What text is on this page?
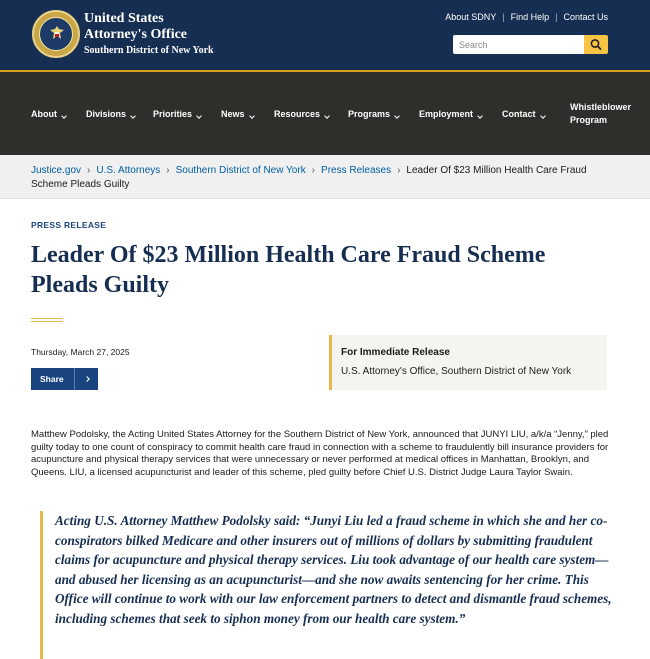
United States
Attorney's Office
Southern District of New York
About SDNY | Find Help | Contact Us
Search
About	Divisions	Priorities	News	Resources	Programs	Employment	Contact
Whistleblower
Program
Justice.gov › U.S. Attorneys › Southern District of New York › Press Releases › Leader Of $23 Million Health Care Fraud Scheme Pleads Guilty
PRESS RELEASE
Leader Of $23 Million Health Care Fraud Scheme Pleads Guilty
Thursday, March 27, 2025
Share
For Immediate Release
U.S. Attorney's Office, Southern District of New York

Matthew Podolsky, the Acting United States Attorney for the Southern District of New York, announced that JUNYI LIU, a/k/a “Jenny,” pled guilty today to one count of conspiracy to commit health care fraud in connection with a scheme to fraudulently bill insurance providers for acupuncture and physical therapy services that were unnecessary or never performed at medical offices in Manhattan, Brooklyn, and Queens. LIU, a licensed acupuncturist and leader of this scheme, pled guilty before Chief U.S. District Judge Laura Taylor Swain.

Acting U.S. Attorney Matthew Podolsky said: “Junyi Liu led a fraud scheme in which she and her co-conspirators bilked Medicare and other insurers out of millions of dollars by submitting fraudulent claims for acupuncture and physical therapy services. Liu took advantage of our health care system—and abused her licensing as an acupuncturist—and she now awaits sentencing for her crime. This Office will continue to work with our law enforcement partners to detect and dismantle fraud schemes, including schemes that seek to siphon money from our health care system.”
